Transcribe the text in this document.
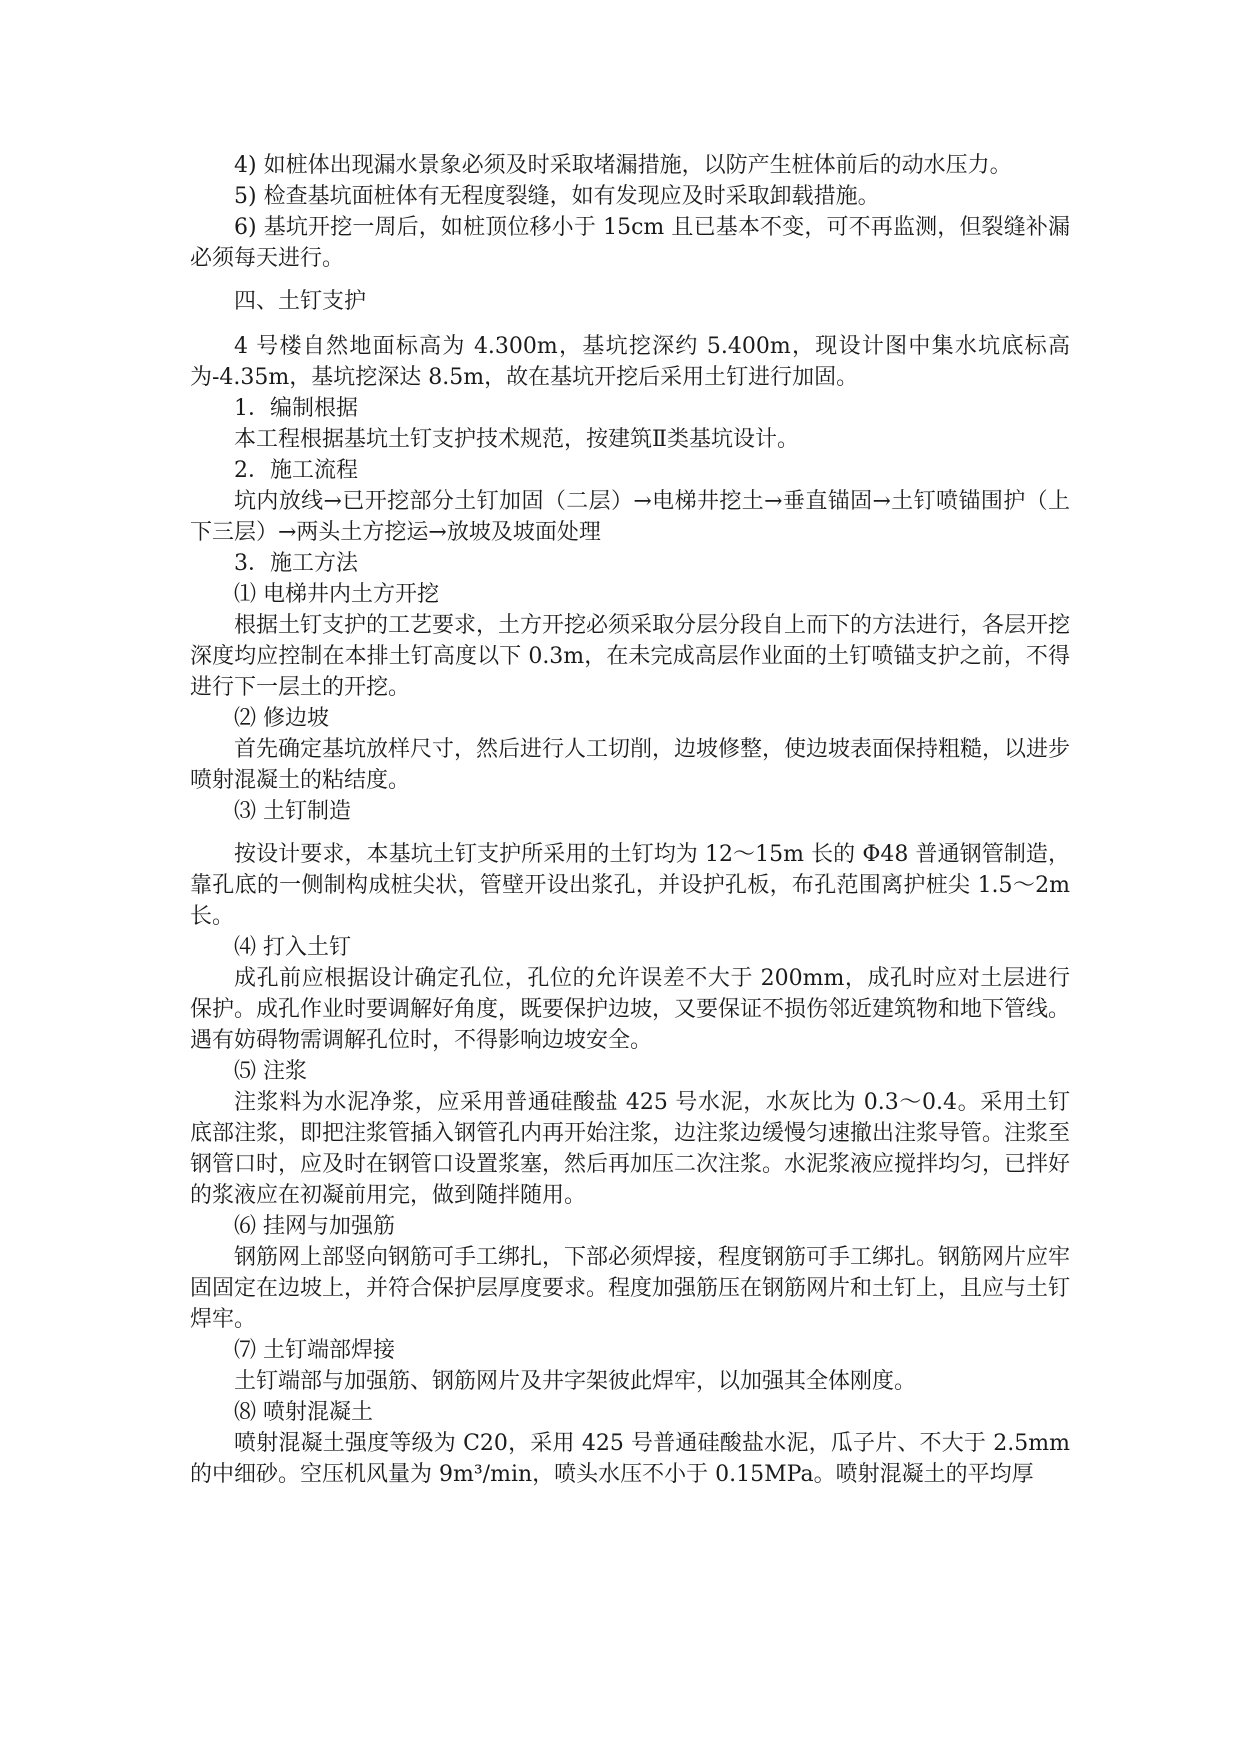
4) 如桩体出现漏水景象必须及时采取堵漏措施，以防产生桩体前后的动水压力。

5) 检查基坑面桩体有无程度裂缝，如有发现应及时采取卸载措施。

6) 基坑开挖一周后，如桩顶位移小于 15cm 且已基本不变，可不再监测，但裂缝补漏必须每天进行。

四、土钉支护

4 号楼自然地面标高为 4.300m，基坑挖深约 5.400m，现设计图中集水坑底标高为-4.35m，基坑挖深达 8.5m，故在基坑开挖后采用土钉进行加固。

1．编制根据

本工程根据基坑土钉支护技术规范，按建筑Ⅱ类基坑设计。

2．施工流程

坑内放线→已开挖部分土钉加固（二层）→电梯井挖土→垂直锚固→土钉喷锚围护（上下三层）→两头土方挖运→放坡及坡面处理

3．施工方法

⑴ 电梯井内土方开挖

根据土钉支护的工艺要求，土方开挖必须采取分层分段自上而下的方法进行，各层开挖深度均应控制在本排土钉高度以下 0.3m，在未完成高层作业面的土钉喷锚支护之前，不得进行下一层土的开挖。

⑵ 修边坡

首先确定基坑放样尺寸，然后进行人工切削，边坡修整，使边坡表面保持粗糙，以进步喷射混凝土的粘结度。

⑶ 土钉制造

按设计要求，本基坑土钉支护所采用的土钉均为 12～15m 长的 Φ48 普通钢管制造，靠孔底的一侧制构成桩尖状，管壁开设出浆孔，并设护孔板，布孔范围离护桩尖 1.5～2m 长。

⑷ 打入土钉

成孔前应根据设计确定孔位，孔位的允许误差不大于 200mm，成孔时应对土层进行保护。成孔作业时要调解好角度，既要保护边坡，又要保证不损伤邻近建筑物和地下管线。遇有妨碍物需调解孔位时，不得影响边坡安全。

⑸ 注浆

注浆料为水泥净浆，应采用普通硅酸盐 425 号水泥，水灰比为 0.3～0.4。采用土钉底部注浆，即把注浆管插入钢管孔内再开始注浆，边注浆边缓慢匀速撤出注浆导管。注浆至钢管口时，应及时在钢管口设置浆塞，然后再加压二次注浆。水泥浆液应搅拌均匀，已拌好的浆液应在初凝前用完，做到随拌随用。

⑹ 挂网与加强筋

钢筋网上部竖向钢筋可手工绑扎，下部必须焊接，程度钢筋可手工绑扎。钢筋网片应牢固固定在边坡上，并符合保护层厚度要求。程度加强筋压在钢筋网片和土钉上，且应与土钉焊牢。

⑺ 土钉端部焊接

土钉端部与加强筋、钢筋网片及井字架彼此焊牢，以加强其全体刚度。

⑻ 喷射混凝土

喷射混凝土强度等级为 C20，采用 425 号普通硅酸盐水泥，瓜子片、不大于 2.5mm 的中细砂。空压机风量为 9m³/min，喷头水压不小于 0.15MPa。喷射混凝土的平均厚
